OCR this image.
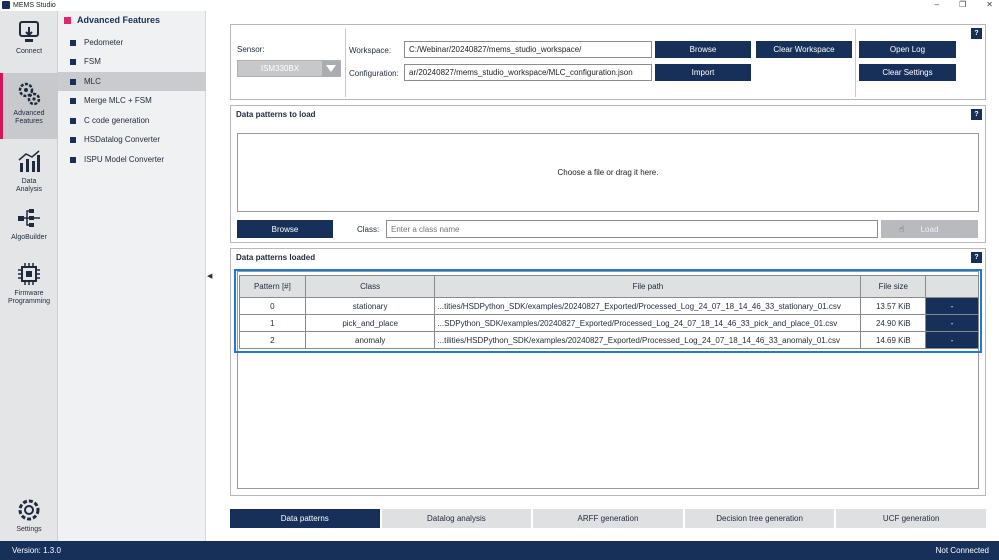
MEMS Studio	–	❐	✕
Connect
Advanced
Features
Data
Analysis
AlgoBuilder
Firmware
Programming
Settings
Advanced Features
Pedometer
FSM
MLC
Merge MLC + FSM
C code generation
HSDatalog Converter
ISPU Model Converter
◀
?
Sensor:
ISM330BX
Workspace:	C:/Webinar/20240827/mems_studio_workspace/
Configuration:	ar/20240827/mems_studio_workspace/MLC_configuration.json
Browse
Import
Clear Workspace	Open Log
Clear Settings
Data patterns to load	?
Choose a file or drag it here.
Browse	Class:
Enter a class name	☝ Load
Data patterns loaded	?
Pattern [#]	Class	File path	File size	
0	stationary	...tities/HSDPython_SDK/examples/20240827_Exported/Processed_Log_24_07_18_14_46_33_stationary_01.csv	13.57 KiB	-
1	pick_and_place	...SDPython_SDK/examples/20240827_Exported/Processed_Log_24_07_18_14_46_33_pick_and_place_01.csv	24.90 KiB	-
2	anomaly	...tilities/HSDPython_SDK/examples/20240827_Exported/Processed_Log_24_07_18_14_46_33_anomaly_01.csv	14.69 KiB	-
Data patterns	Datalog analysis	ARFF generation	Decision tree generation	UCF generation
Version: 1.3.0	Not Connected
